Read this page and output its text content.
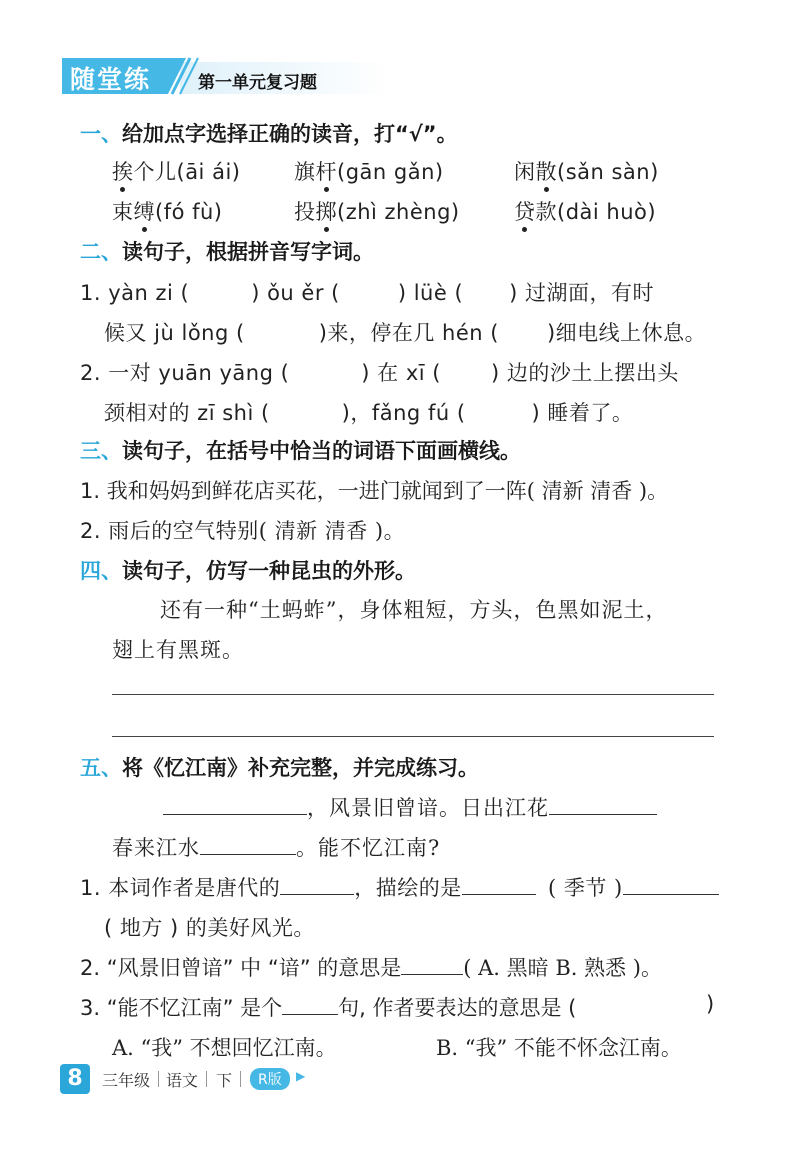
随堂练	第一单元复习题
一、给加点字选择正确的读音，打“√”。
挨个儿(āi ái)	旗杆(gān gǎn)	闲散(sǎn sàn)
束缚(fó fù)	投掷(zhì zhèng)	贷款(dài huò)
二、读句子，根据拼音写字词。
1. yàn zi (	) ǒu ěr (	) lüè ( ) 过湖面，有时
候又 jù lǒng (	)来，停在几 hén ( )细电线上休息。
2. 一对 yuān yāng (	) 在 xī ( ) 边的沙土上摆出头
颈相对的 zī shì (	)，fǎng fú (	) 睡着了。
三、读句子，在括号中恰当的词语下面画横线。
1. 我和妈妈到鲜花店买花，一进门就闻到了一阵( 清新 清香 )。
2. 雨后的空气特别( 清新 清香 )。
四、读句子，仿写一种昆虫的外形。
还有一种“土蚂蚱”，身体粗短，方头，色黑如泥土，
翅上有黑斑。
五、将《忆江南》补充完整，并完成练习。
，风景旧曾谙。日出江花
春来江水	。能不忆江南?
1. 本词作者是唐代的	，描绘的是	( 季节 )
( 地方 ) 的美好风光。
2. “风景旧曾谙” 中 “谙” 的意思是	( A. 黑暗 B. 熟悉 )。
3. “能不忆江南” 是个	句, 作者要表达的意思是 (	)
A. “我” 不想回忆江南。	B. “我” 不能不怀念江南。
8	三年级 语文 下	R版	▶
